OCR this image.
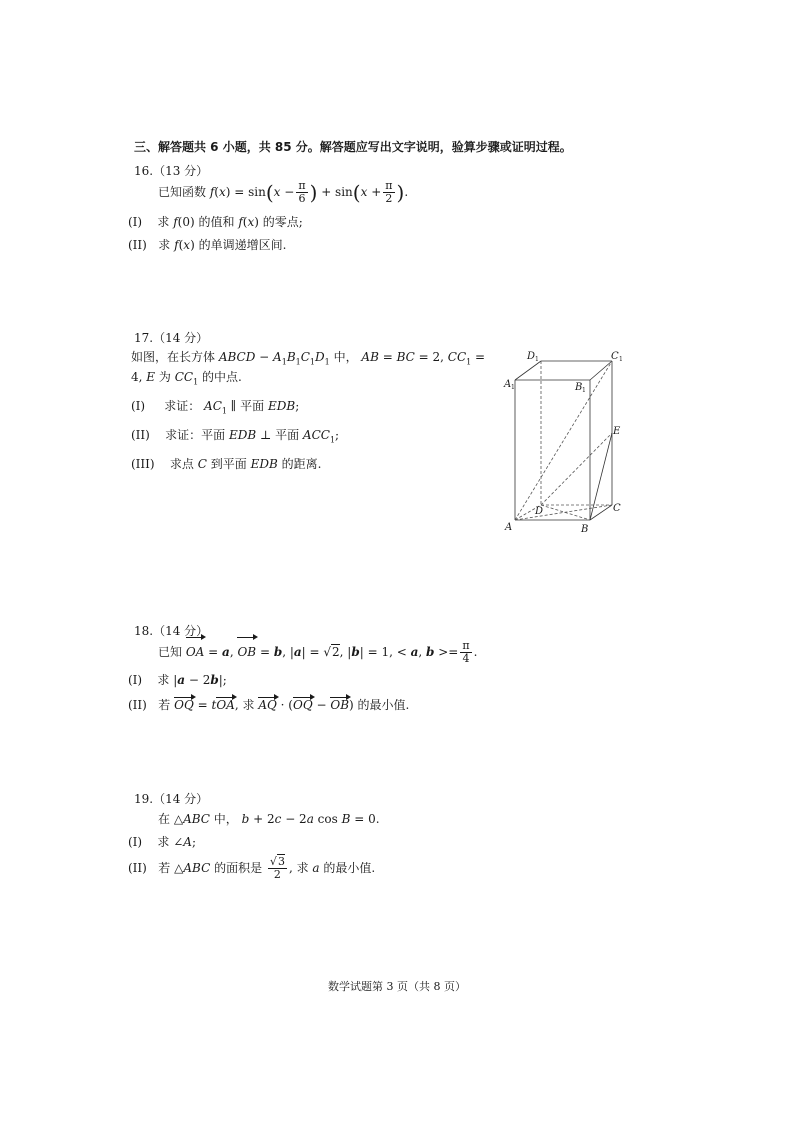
三、解答题共 6 小题，共 85 分。解答题应写出文字说明，验算步骤或证明过程。
16.（13 分）
已知函数 $f(x) = \sin(x - \frac{\pi}{6}$ ) + $\sin(x + \frac{\pi}{2}$ ).
(I) 求 f(0) 的值和 f(x) 的零点;
(II) 求 f(x) 的单调递增区间.
17.（14 分）
如图，在长方体 ABCD − $A_1B_1C_1D_1$ 中， AB = BC = 2, $CC_1$ =
4, E 为 $CC_1$ 的中点.
(I) 求证： $AC_1$ ∥ 平面 EDB;
(II) 求证：平面 EDB ⊥ 平面 $ACC_1$;
(III) 求点 C 到平面 EDB 的距离.
D 1	C 1
A 1	B 1
E
C
D
A	B
18.（14 分）
已知 OA = a, OB = b, |a| = √2, |b| = 1, < a, $b >= \frac{\pi}{4}$ .
(I) 求 |a − 2b|;
(II) 若 OQ = tOA, 求 AQ · (OQ − OB) 的最小值.
19.（14 分）
在 △ABC 中， b + 2c − 2a cos B = 0.
(I) 求 ∠A;
(II) 若 △ABC 的面积是 $\frac{√3}{2}$ , 求 a 的最小值.
数学试题第 3 页（共 8 页）
